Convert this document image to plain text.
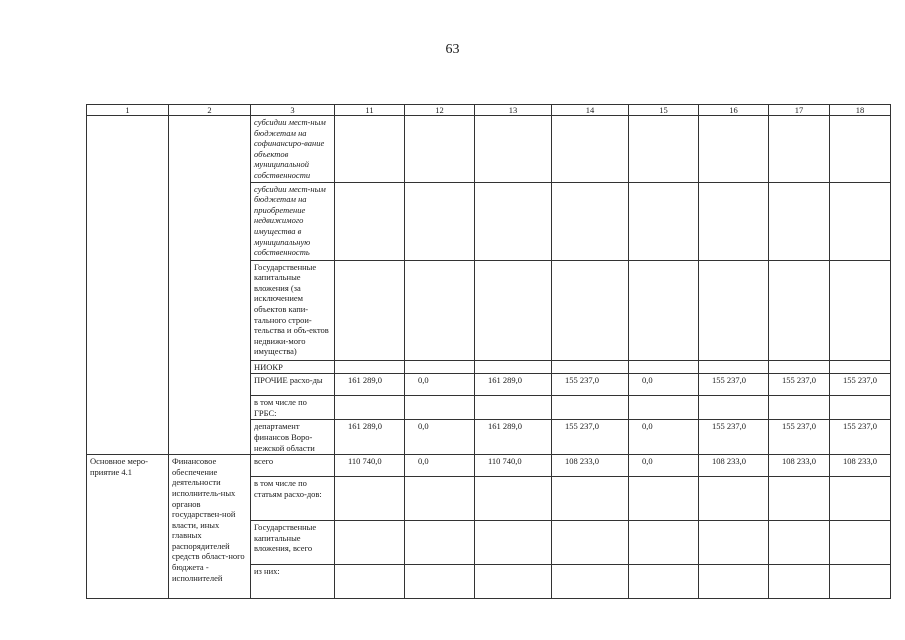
63
1	2	3	11	12	13	14	15	16	17	18
		субсидии мест-ным бюджетам на софинансиро-вание объектов муниципальной собственности								
		субсидии мест-ным бюджетам на приобретение недвижимого имущества в муниципальную собственность								
		Государственные капитальные вложения (за исключением объектов капи-тального строи-тельства и объ-ектов недвижи-мого имущества)								
		НИОКР								
		ПРОЧИЕ расхо-ды	161 289,0	0,0	161 289,0	155 237,0	0,0	155 237,0	155 237,0	155 237,0
		в том числе по ГРБС:								
		департамент финансов Воро-нежской области	161 289,0	0,0	161 289,0	155 237,0	0,0	155 237,0	155 237,0	155 237,0
Основное меро-приятие 4.1	Финансовое обеспечение деятельности исполнитель-ных органов государствен-ной власти, иных главных распорядителей средств област-ного бюджета - исполнителей	всего	110 740,0	0,0	110 740,0	108 233,0	0,0	108 233,0	108 233,0	108 233,0
		в том числе по статьям расхо-дов:								
		Государственные капитальные вложения, всего								
		из них:								
